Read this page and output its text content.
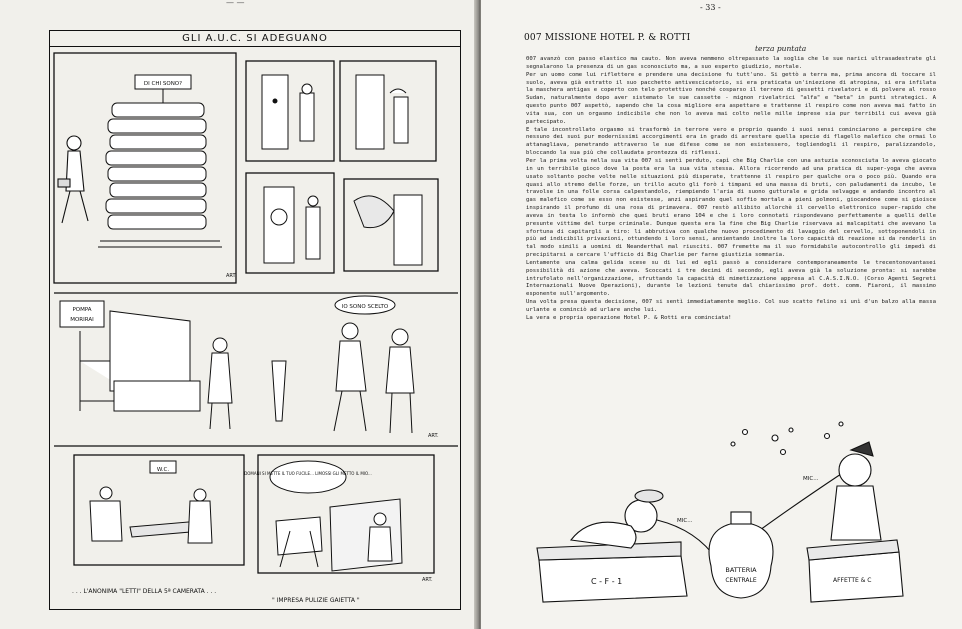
— —
GLI A.U.C. SI ADEGUANO
DI CHI SONO?
ART.
POMPA
MORIRAI
IO SONO SCELTO
ART.
W.C.
DOMANI SI METTE IL TUO FUCILE... LIMOSSI GLI METTO IL MIO...
ART.
. . . L'ANONIMA "LETTI" DELLA 5ª CAMERATA . . .
" IMPRESA PULIZIE GAIETTA "
- 33 -
007 MISSIONE HOTEL P. & ROTTI
terza puntata

007 avanzò con passo elastico ma cauto. Non aveva nemmeno oltrepassato la soglia che le sue narici ultrasadestrate gli segnalarono la presenza di un gas sconosciuto ma, a suo esperto giudizio, mortale.

Per un uomo come lui riflettere e prendere una decisione fu tutt'uno. Si gettò a terra ma, prima ancora di toccare il suolo, aveva già estratto il suo pacchetto antivescicatorio, si era praticata un'iniezione di atropina, si era infilata la maschera antigas e coperto con telo protettivo nonché cosparso il terreno di gessetti rivelatori e di polvere al rosso Sudan, naturalmente dopo aver sistemato le sue cassette - mignon rivelatrici "alfa" e "beta" in punti strategici. A questo punto 007 aspettò, sapendo che la cosa migliore era aspettare e trattenne il respiro come non aveva mai fatto in vita sua, con un orgasmo indicibile che non lo aveva mai colto nelle mille imprese sia pur terribili cui aveva già partecipato.

E tale incontrollato orgasmo si trasformò in terrore vero e proprio quando i suoi sensi cominciarono a percepire che nessuno dei suoi pur modernissimi accorgimenti era in grado di arrestare quella specie di flagello malefico che ormai lo attanagliava, penetrando attraverso le sue difese come se non esistessero, togliendogli il respiro, paralizzandolo, bloccando la sua più che collaudata prontezza di riflessi.

Per la prima volta nella sua vita 007 si sentì perduto, capì che Big Charlie con una astuzia sconosciuta lo aveva giocato in un terribile gioco dove la posta era la sua vita stessa. Allora ricorrendo ad una pratica di super-yoga che aveva usato soltanto poche volte nelle situazioni più disperate, trattenne il respiro per qualche ora o poco più. Quando era quasi allo stremo delle forze, un trillo acuto gli forò i timpani ed una massa di bruti, con paludamenti da incubo, le travolse in una folle corsa calpestandolo, riempiendo l'aria di suono gutturale e grida selvagge e andando incontro al gas malefico come se esso non esistesse, anzi aspirando quel soffio mortale a pieni polmoni, giocandone come si gioisce inspirando il profumo di una rosa di primavera. 007 restò allibito allorchè il cervello elettronico super-rapido che aveva in testa lo informò che quei bruti erano 104 e che i loro connotati rispondevano perfettamente a quelli delle presunte vittime del turpe criminale. Dunque questa era la fine che Big Charlie riservava ai malcapitati che avevano la sfortuna di capitargli a tiro: li abbrutiva con qualche nuovo procedimento di lavaggio del cervello, sottoponendoli in più ad indicibili privazioni, ottundendo i loro sensi, annientando inoltre la loro capacità di reazione si da renderli in tal modo simili a uomini di Neanderthal mal riusciti. 007 fremette ma il suo formidabile autocontrollo gli impedì di precipitarsi a cercare l'ufficio di Big Charlie per farne giustizia sommaria.

Lentamente una calma gelida scese su di lui ed egli passò a considerare contemporaneamente le trecentonovantasei possibilità di azione che aveva. Scoccati i tre decimi di secondo, egli aveva già la soluzione pronta: si sarebbe intrufolato nell'organizzazione, sfruttando la capacità di mimetizzazione appresa al C.A.S.I.N.O. (Corso Agenti Segreti Internazionali Nuove Operazioni), durante le lezioni tenute dal chiarissimo prof. dott. comm. Fiaroni, il massimo esponente sull'argomento.

Una volta presa questa decisione, 007 si sentì immediatamente meglio. Col suo scatto felino si unì d'un balzo alla massa urlante e cominciò ad urlare anche lui.

La vera e propria operazione Hotel P. & Rotti era cominciata!

C - F - 1
BATTERIA
CENTRALE	AFFETTE & C
MIC...
MIC...
